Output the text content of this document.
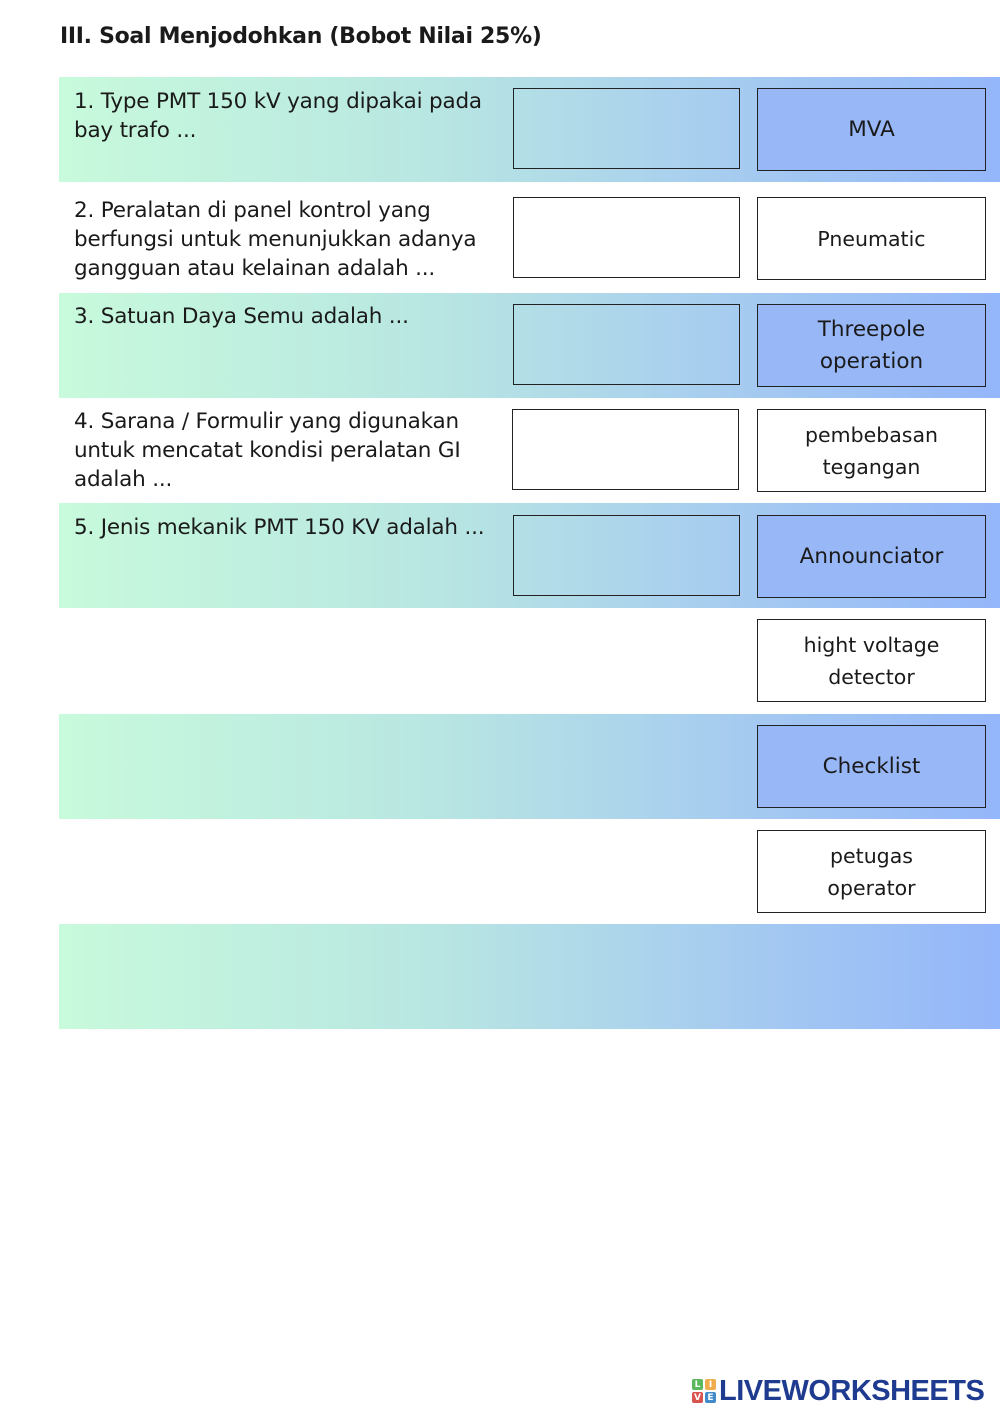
III. Soal Menjodohkan (Bobot Nilai 25%)
1. Type PMT 150 kV yang dipakai pada bay trafo ...
2. Peralatan di panel kontrol yang berfungsi untuk menunjukkan adanya gangguan atau kelainan adalah ...
3. Satuan Daya Semu adalah ...
4. Sarana / Formulir yang digunakan untuk mencatat kondisi peralatan GI adalah ...
5. Jenis mekanik PMT 150 KV adalah ...
MVA
Pneumatic
Threepole
operation
pembebasan
tegangan
Announciator
hight voltage
detector
Checklist
petugas
operator
L I
V E LIVEWORKSHEETS
